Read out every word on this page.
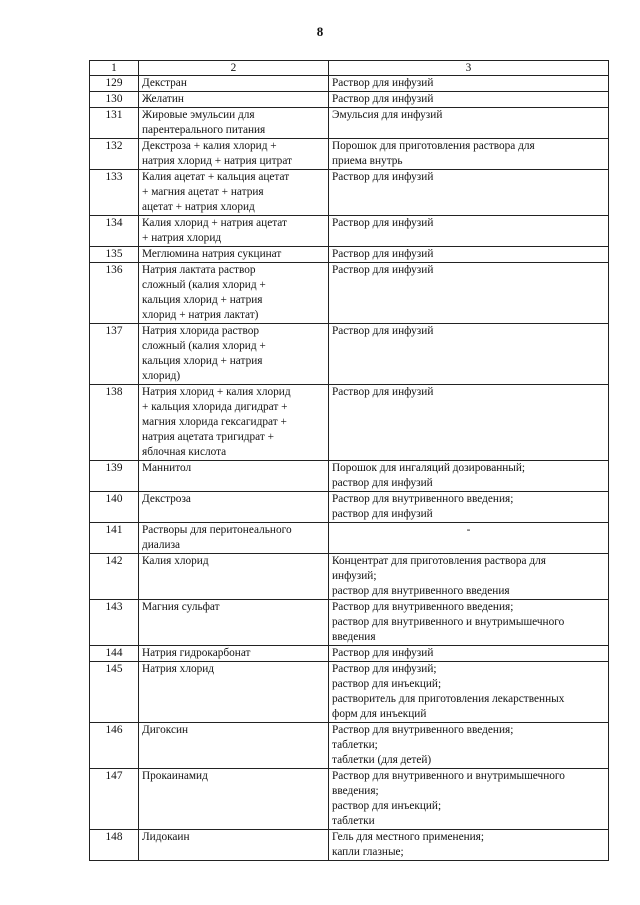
8
1	2	3
129	Декстран	Раствор для инфузий

130	Желатин	Раствор для инфузий

131	Жировые эмульсии для
парентерального питания	Эмульсия для инфузий

132	Декстроза + калия хлорид +
натрия хлорид + натрия цитрат	Порошок для приготовления раствора для
приема внутрь

133	Калия ацетат + кальция ацетат
+ магния ацетат + натрия
ацетат + натрия хлорид	Раствор для инфузий

134	Калия хлорид + натрия ацетат
+ натрия хлорид	Раствор для инфузий

135	Меглюмина натрия сукцинат	Раствор для инфузий

136	Натрия лактата раствор
сложный (калия хлорид +
кальция хлорид + натрия
хлорид + натрия лактат)	Раствор для инфузий

137	Натрия хлорида раствор
сложный (калия хлорид +
кальция хлорид + натрия
хлорид)	Раствор для инфузий

138	Натрия хлорид + калия хлорид
+ кальция хлорида дигидрат +
магния хлорида гексагидрат +
натрия ацетата тригидрат +
яблочная кислота	Раствор для инфузий

139	Маннитол	Порошок для ингаляций дозированный;
раствор для инфузий

140	Декстроза	Раствор для внутривенного введения;
раствор для инфузий

141	Растворы для перитонеального
диализа	-

142	Калия хлорид	Концентрат для приготовления раствора для
инфузий;
раствор для внутривенного введения

143	Магния сульфат	Раствор для внутривенного введения;
раствор для внутривенного и внутримышечного
введения

144	Натрия гидрокарбонат	Раствор для инфузий

145	Натрия хлорид	Раствор для инфузий;
раствор для инъекций;
растворитель для приготовления лекарственных
форм для инъекций

146	Дигоксин	Раствор для внутривенного введения;
таблетки;
таблетки (для детей)

147	Прокаинамид	Раствор для внутривенного и внутримышечного
введения;
раствор для инъекций;
таблетки

148	Лидокаин	Гель для местного применения;
капли глазные;
